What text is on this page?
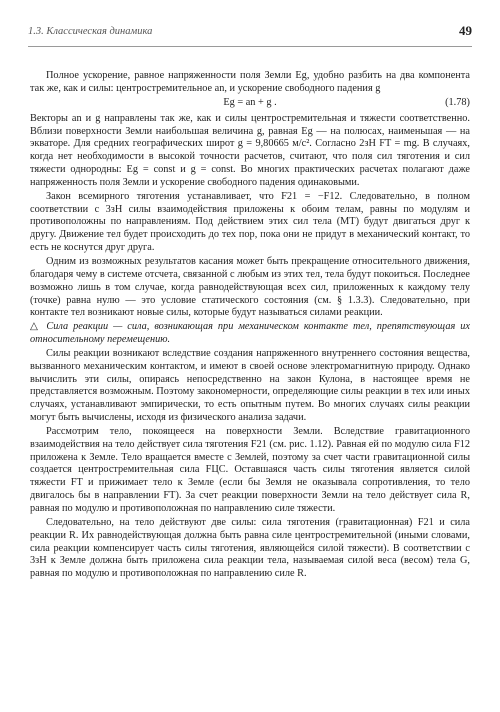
1.3. Классическая динамика	49

Полное ускорение, равное напряженности поля Земли Eg, удобно разбить на два компонента так же, как и силы: центростремительное an, и ускорение свободного падения g

Eg = an + g .	(1.78)

Векторы an и g направлены так же, как и силы центростремительная и тяжести соответственно. Вблизи поверхности Земли наибольшая величина g, равная Eg — на полюсах, наименьшая — на экваторе. Для средних географических широт g = 9,80665 м/с². Согласно 2зН FT = mg. В случаях, когда нет необходимости в высокой точности расчетов, считают, что поля сил тяготения и сил тяжести однородны: Eg = const и g = const. Во многих практических расчетах полагают даже напряженность поля Земли и ускорение свободного падения одинаковыми.

Закон всемирного тяготения устанавливает, что F21 = −F12. Следовательно, в полном соответствии с 3зН силы взаимодействия приложены к обоим телам, равны по модулям и противоположны по направлениям. Под действием этих сил тела (МТ) будут двигаться друг к другу. Движение тел будет происходить до тех пор, пока они не придут в механический контакт, то есть не коснутся друг друга.

Одним из возможных результатов касания может быть прекращение относительного движения, благодаря чему в системе отсчета, связанной с любым из этих тел, тела будут покоиться. Последнее возможно лишь в том случае, когда равнодействующая всех сил, приложенных к каждому телу (точке) равна нулю — это условие статического состояния (см. § 1.3.3). Следовательно, при контакте тел возникают новые силы, которые будут называться силами реакции.

△ Сила реакции — сила, возникающая при механическом контакте тел, препятствующая их относительному перемещению.

Силы реакции возникают вследствие создания напряженного внутреннего состояния вещества, вызванного механическим контактом, и имеют в своей основе электромагнитную природу. Однако вычислить эти силы, опираясь непосредственно на закон Кулона, в настоящее время не представляется возможным. Поэтому закономерности, определяющие силы реакции в тех или иных случаях, устанавливают эмпирически, то есть опытным путем. Во многих случаях силы реакции могут быть вычислены, исходя из физического анализа задачи.

Рассмотрим тело, покоящееся на поверхности Земли. Вследствие гравитационного взаимодействия на тело действует сила тяготения F21 (см. рис. 1.12). Равная ей по модулю сила F12 приложена к Земле. Тело вращается вместе с Землей, поэтому за счет части гравитационной силы создается центростремительная сила FЦС. Оставшаяся часть силы тяготения является силой тяжести FT и прижимает тело к Земле (если бы Земля не оказывала сопротивления, то тело двигалось бы в направлении FT). За счет реакции поверхности Земли на тело действует сила R, равная по модулю и противоположная по направлению силе тяжести.

Следовательно, на тело действуют две силы: сила тяготения (гравитационная) F21 и сила реакции R. Их равнодействующая должна быть равна силе центростремительной (иными словами, сила реакции компенсирует часть силы тяготения, являющейся силой тяжести). В соответствии с 3зН к Земле должна быть приложена сила реакции тела, называемая силой веса (весом) тела G, равная по модулю и противоположная по направлению силе R.
